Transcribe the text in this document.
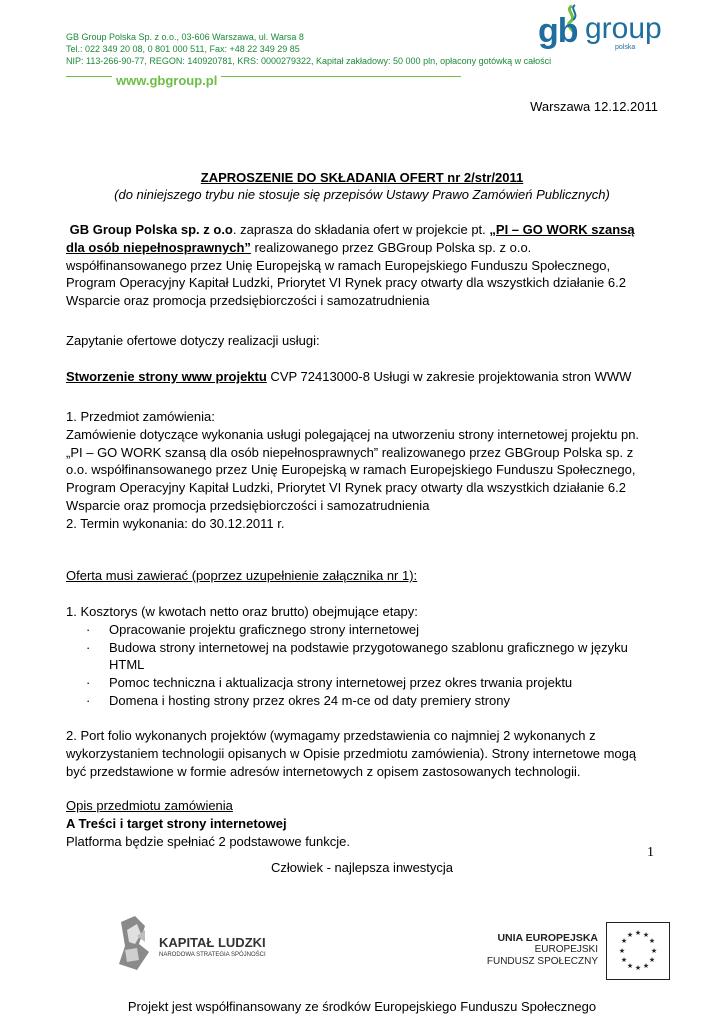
GB Group Polska Sp. z o.o., 03-606 Warszawa, ul. Warsa 8
Tel.: 022 349 20 08, 0 801 000 511, Fax: +48 22 349 29 85
NIP: 113-266-90-77, REGON: 140920781, KRS: 0000279322, Kapitał zakładowy: 50 000 pln, opłacony gotówką w całości
www.gbgroup.pl
gb group
polska
Warszawa 12.12.2011
ZAPROSZENIE DO SKŁADANIA OFERT nr 2/str/2011
(do niniejszego trybu nie stosuje się przepisów Ustawy Prawo Zamówień Publicznych)

GB Group Polska sp. z o.o. zaprasza do składania ofert w projekcie pt. „PI – GO WORK szansą

dla osób niepełnosprawnych” realizowanego przez GBGroup Polska sp. z o.o.

współfinansowanego przez Unię Europejską w ramach Europejskiego Funduszu Społecznego,

Program Operacyjny Kapitał Ludzki, Priorytet VI Rynek pracy otwarty dla wszystkich działanie 6.2

Wsparcie oraz promocja przedsiębiorczości i samozatrudnienia

Zapytanie ofertowe dotyczy realizacji usługi:

Stworzenie strony www projektu CVP 72413000-8 Usługi w zakresie projektowania stron WWW

1. Przedmiot zamówienia:

Zamówienie dotyczące wykonania usługi polegającej na utworzeniu strony internetowej projektu pn.

„PI – GO WORK szansą dla osób niepełnosprawnych” realizowanego przez GBGroup Polska sp. z

o.o. współfinansowanego przez Unię Europejską w ramach Europejskiego Funduszu Społecznego,

Program Operacyjny Kapitał Ludzki, Priorytet VI Rynek pracy otwarty dla wszystkich działanie 6.2

Wsparcie oraz promocja przedsiębiorczości i samozatrudnienia

2. Termin wykonania: do 30.12.2011 r.

Oferta musi zawierać (poprzez uzupełnienie załącznika nr 1):

1. Kosztorys (w kwotach netto oraz brutto) obejmujące etapy:

· Opracowanie projektu graficznego strony internetowej
· Budowa strony internetowej na podstawie przygotowanego szablonu graficznego w języku
HTML
· Pomoc techniczna i aktualizacja strony internetowej przez okres trwania projektu
· Domena i hosting strony przez okres 24 m-ce od daty premiery strony

2. Port folio wykonanych projektów (wymagamy przedstawienia co najmniej 2 wykonanych z

wykorzystaniem technologii opisanych w Opisie przedmiotu zamówienia). Strony internetowe mogą

być przedstawione w formie adresów internetowych z opisem zastosowanych technologii.

Opis przedmiotu zamówienia

A Treści i target strony internetowej

Platforma będzie spełniać 2 podstawowe funkcje.

1
Człowiek - najlepsza inwestycja
KAPITAŁ LUDZKI
NARODOWA STRATEGIA SPÓJNOŚCI
UNIA EUROPEJSKA
EUROPEJSKI
FUNDUSZ SPOŁECZNY
★ ★
★
★
★
★
★
★
★
★
★
★
Projekt jest współfinansowany ze środków Europejskiego Funduszu Społecznego
